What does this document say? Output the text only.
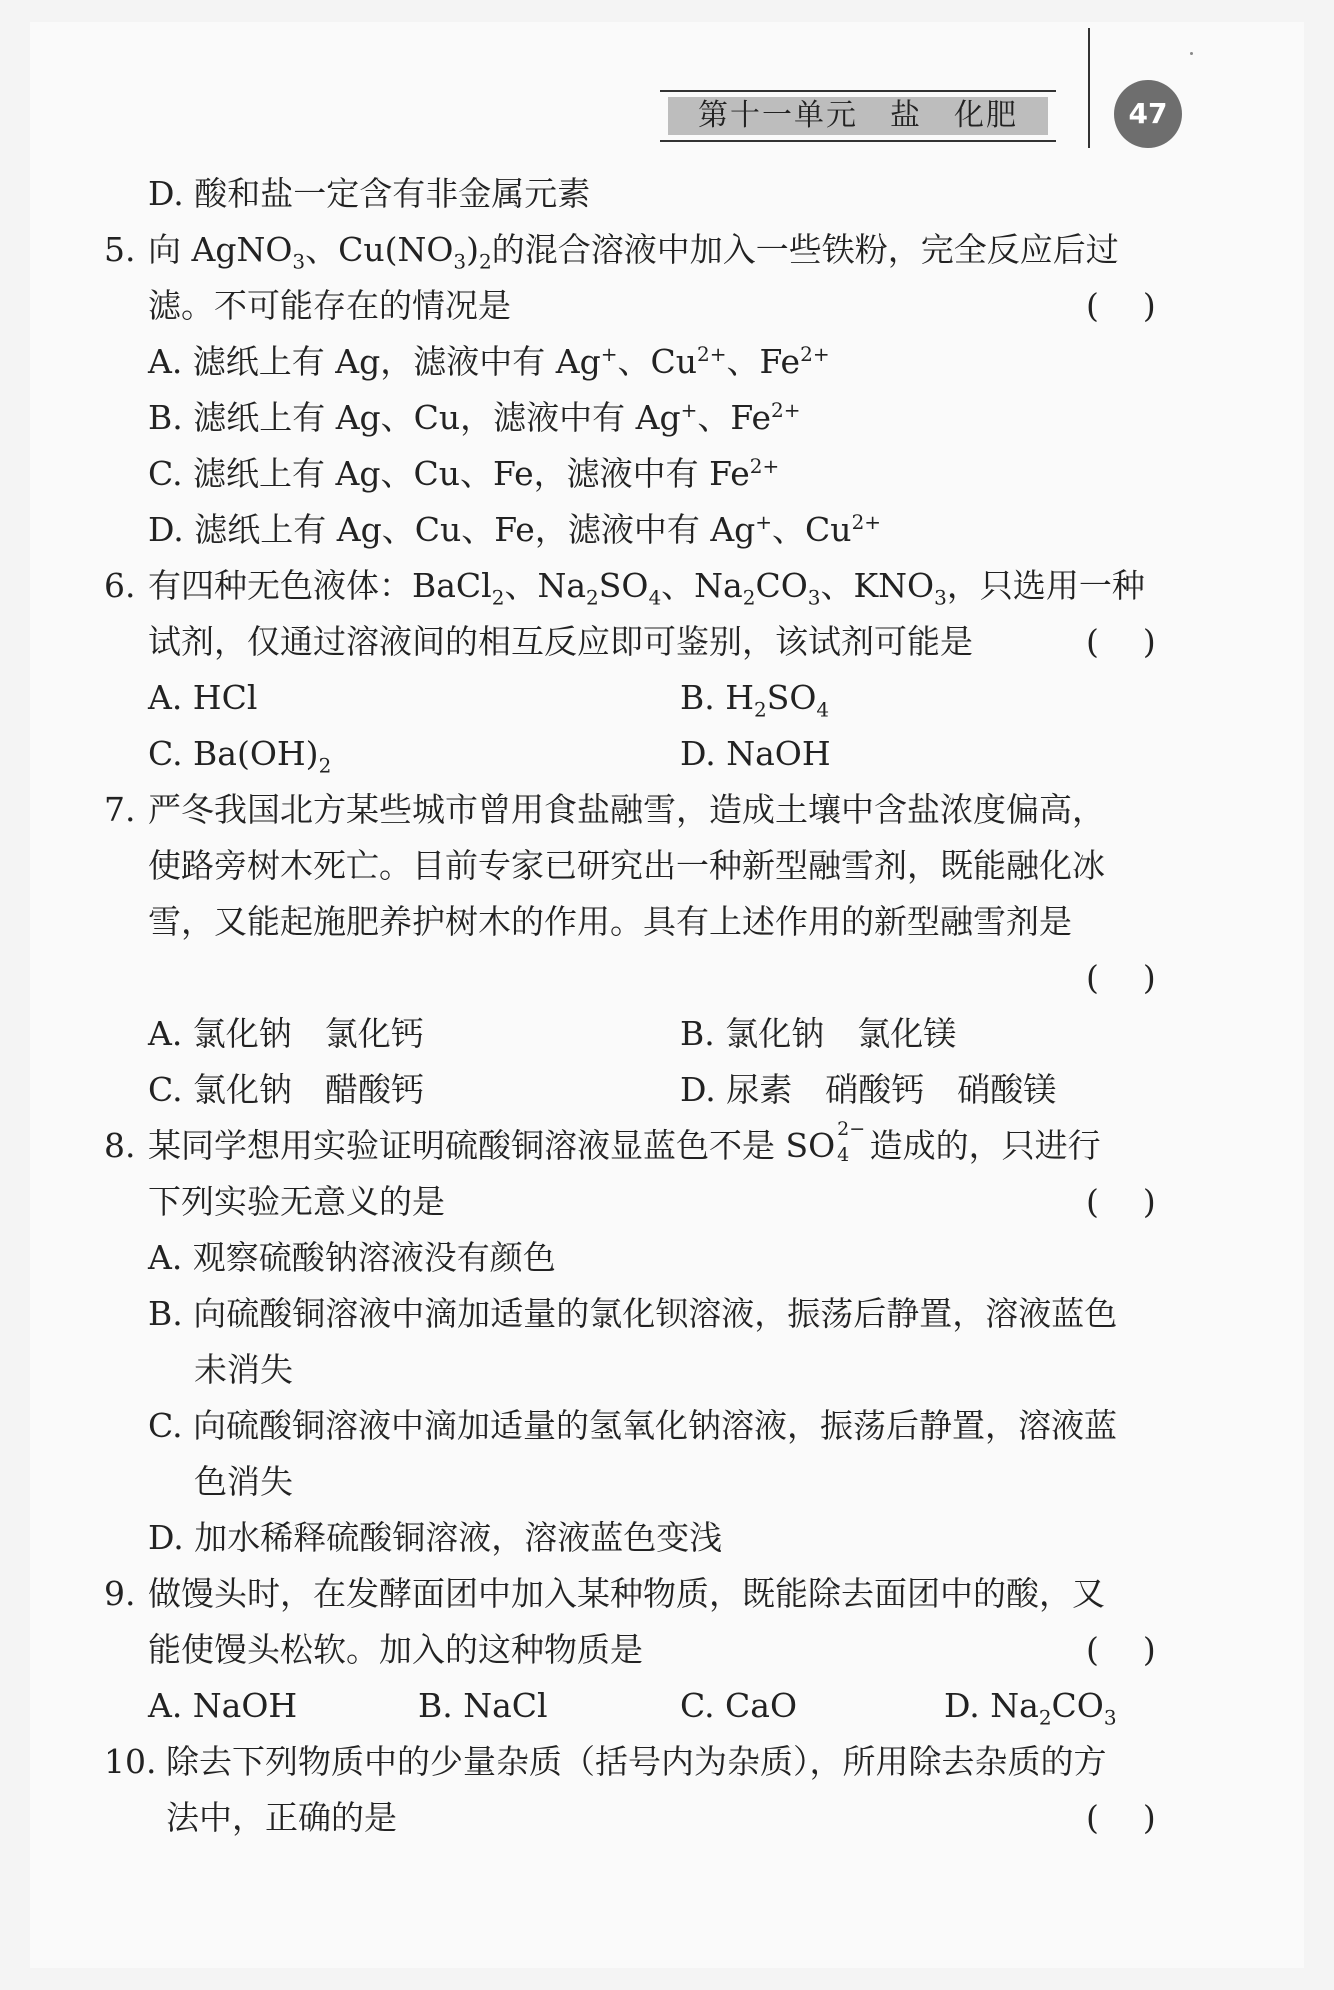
第十一单元　盐　化肥	47
D. 酸和盐一定含有非金属元素
5. 向 AgNO$_3$、$Cu(NO_3)_2$的混合溶液中加入一些铁粉，完全反应后过
滤。不可能存在的情况是	()
A. 滤纸上有 Ag，滤液中有 Ag+、$Cu^{2+}$、$Fe^{2+}$
B. 滤纸上有 Ag、Cu，滤液中有 Ag+、$Fe^{2+}$
C. 滤纸上有 Ag、Cu、Fe，滤液中有 $Fe^{2+}$
D. 滤纸上有 Ag、Cu、Fe，滤液中有 Ag+、$Cu^{2+}$
6. 有四种无色液体：BaCl$_2$、$Na_2SO_4$、$Na_2CO_3$、$KNO_3$，只选用一种
试剂，仅通过溶液间的相互反应即可鉴别，该试剂可能是	()
A. HCl	B. $H_2SO_4$
C. $Ba(OH)_2$	D. NaOH
7. 严冬我国北方某些城市曾用食盐融雪，造成土壤中含盐浓度偏高，
使路旁树木死亡。目前专家已研究出一种新型融雪剂，既能融化冰
雪，又能起施肥养护树木的作用。具有上述作用的新型融雪剂是
()
A. 氯化钠　氯化钙	B. 氯化钠　氯化镁
C. 氯化钠　醋酸钙	D. 尿素　硝酸钙　硝酸镁
8. 某同学想用实验证明硫酸铜溶液显蓝色不是 SO 2−
4 造成的，只进行
下列实验无意义的是	()
A. 观察硫酸钠溶液没有颜色
B. 向硫酸铜溶液中滴加适量的氯化钡溶液，振荡后静置，溶液蓝色
未消失
C. 向硫酸铜溶液中滴加适量的氢氧化钠溶液，振荡后静置，溶液蓝
色消失
D. 加水稀释硫酸铜溶液，溶液蓝色变浅
9. 做馒头时，在发酵面团中加入某种物质，既能除去面团中的酸，又
能使馒头松软。加入的这种物质是	()
A. NaOH	B. NaCl	C. CaO	D. $Na_2CO_3$
10. 除去下列物质中的少量杂质（括号内为杂质），所用除去杂质的方
法中，正确的是	()
